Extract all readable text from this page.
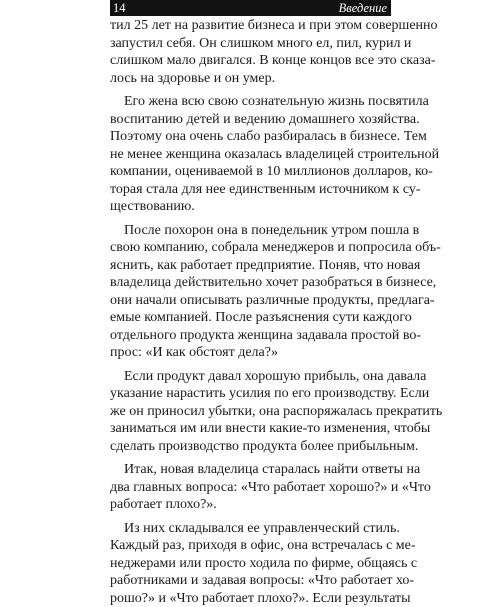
14	Введение
тил 25 лет на развитие бизнеса и при этом совершенно
запустил себя. Он слишком много ел, пил, курил и
слишком мало двигался. В конце концов все это сказа-
лось на здоровье и он умер.
Его жена всю свою сознательную жизнь посвятила
воспитанию детей и ведению домашнего хозяйства.
Поэтому она очень слабо разбиралась в бизнесе. Тем
не менее женщина оказалась владелицей строительной
компании, оцениваемой в 10 миллионов долларов, ко-
торая стала для нее единственным источником к су-
ществованию.
После похорон она в понедельник утром пошла в
свою компанию, собрала менеджеров и попросила объ-
яснить, как работает предприятие. Поняв, что новая
владелица действительно хочет разобраться в бизнесе,
они начали описывать различные продукты, предлага-
емые компанией. После разъяснения сути каждого
отдельного продукта женщина задавала простой во-
прос: «И как обстоят дела?»
Если продукт давал хорошую прибыль, она давала
указание нарастить усилия по его производству. Если
же он приносил убытки, она распоряжалась прекратить
заниматься им или внести какие-то изменения, чтобы
сделать производство продукта более прибыльным.
Итак, новая владелица старалась найти ответы на
два главных вопроса: «Что работает хорошо?» и «Что
работает плохо?».
Из них складывался ее управленческий стиль.
Каждый раз, приходя в офис, она встречалась с ме-
неджерами или просто ходила по фирме, общаясь с
работниками и задавая вопросы: «Что работает хо-
рошо?» и «Что работает плохо?». Если результаты
